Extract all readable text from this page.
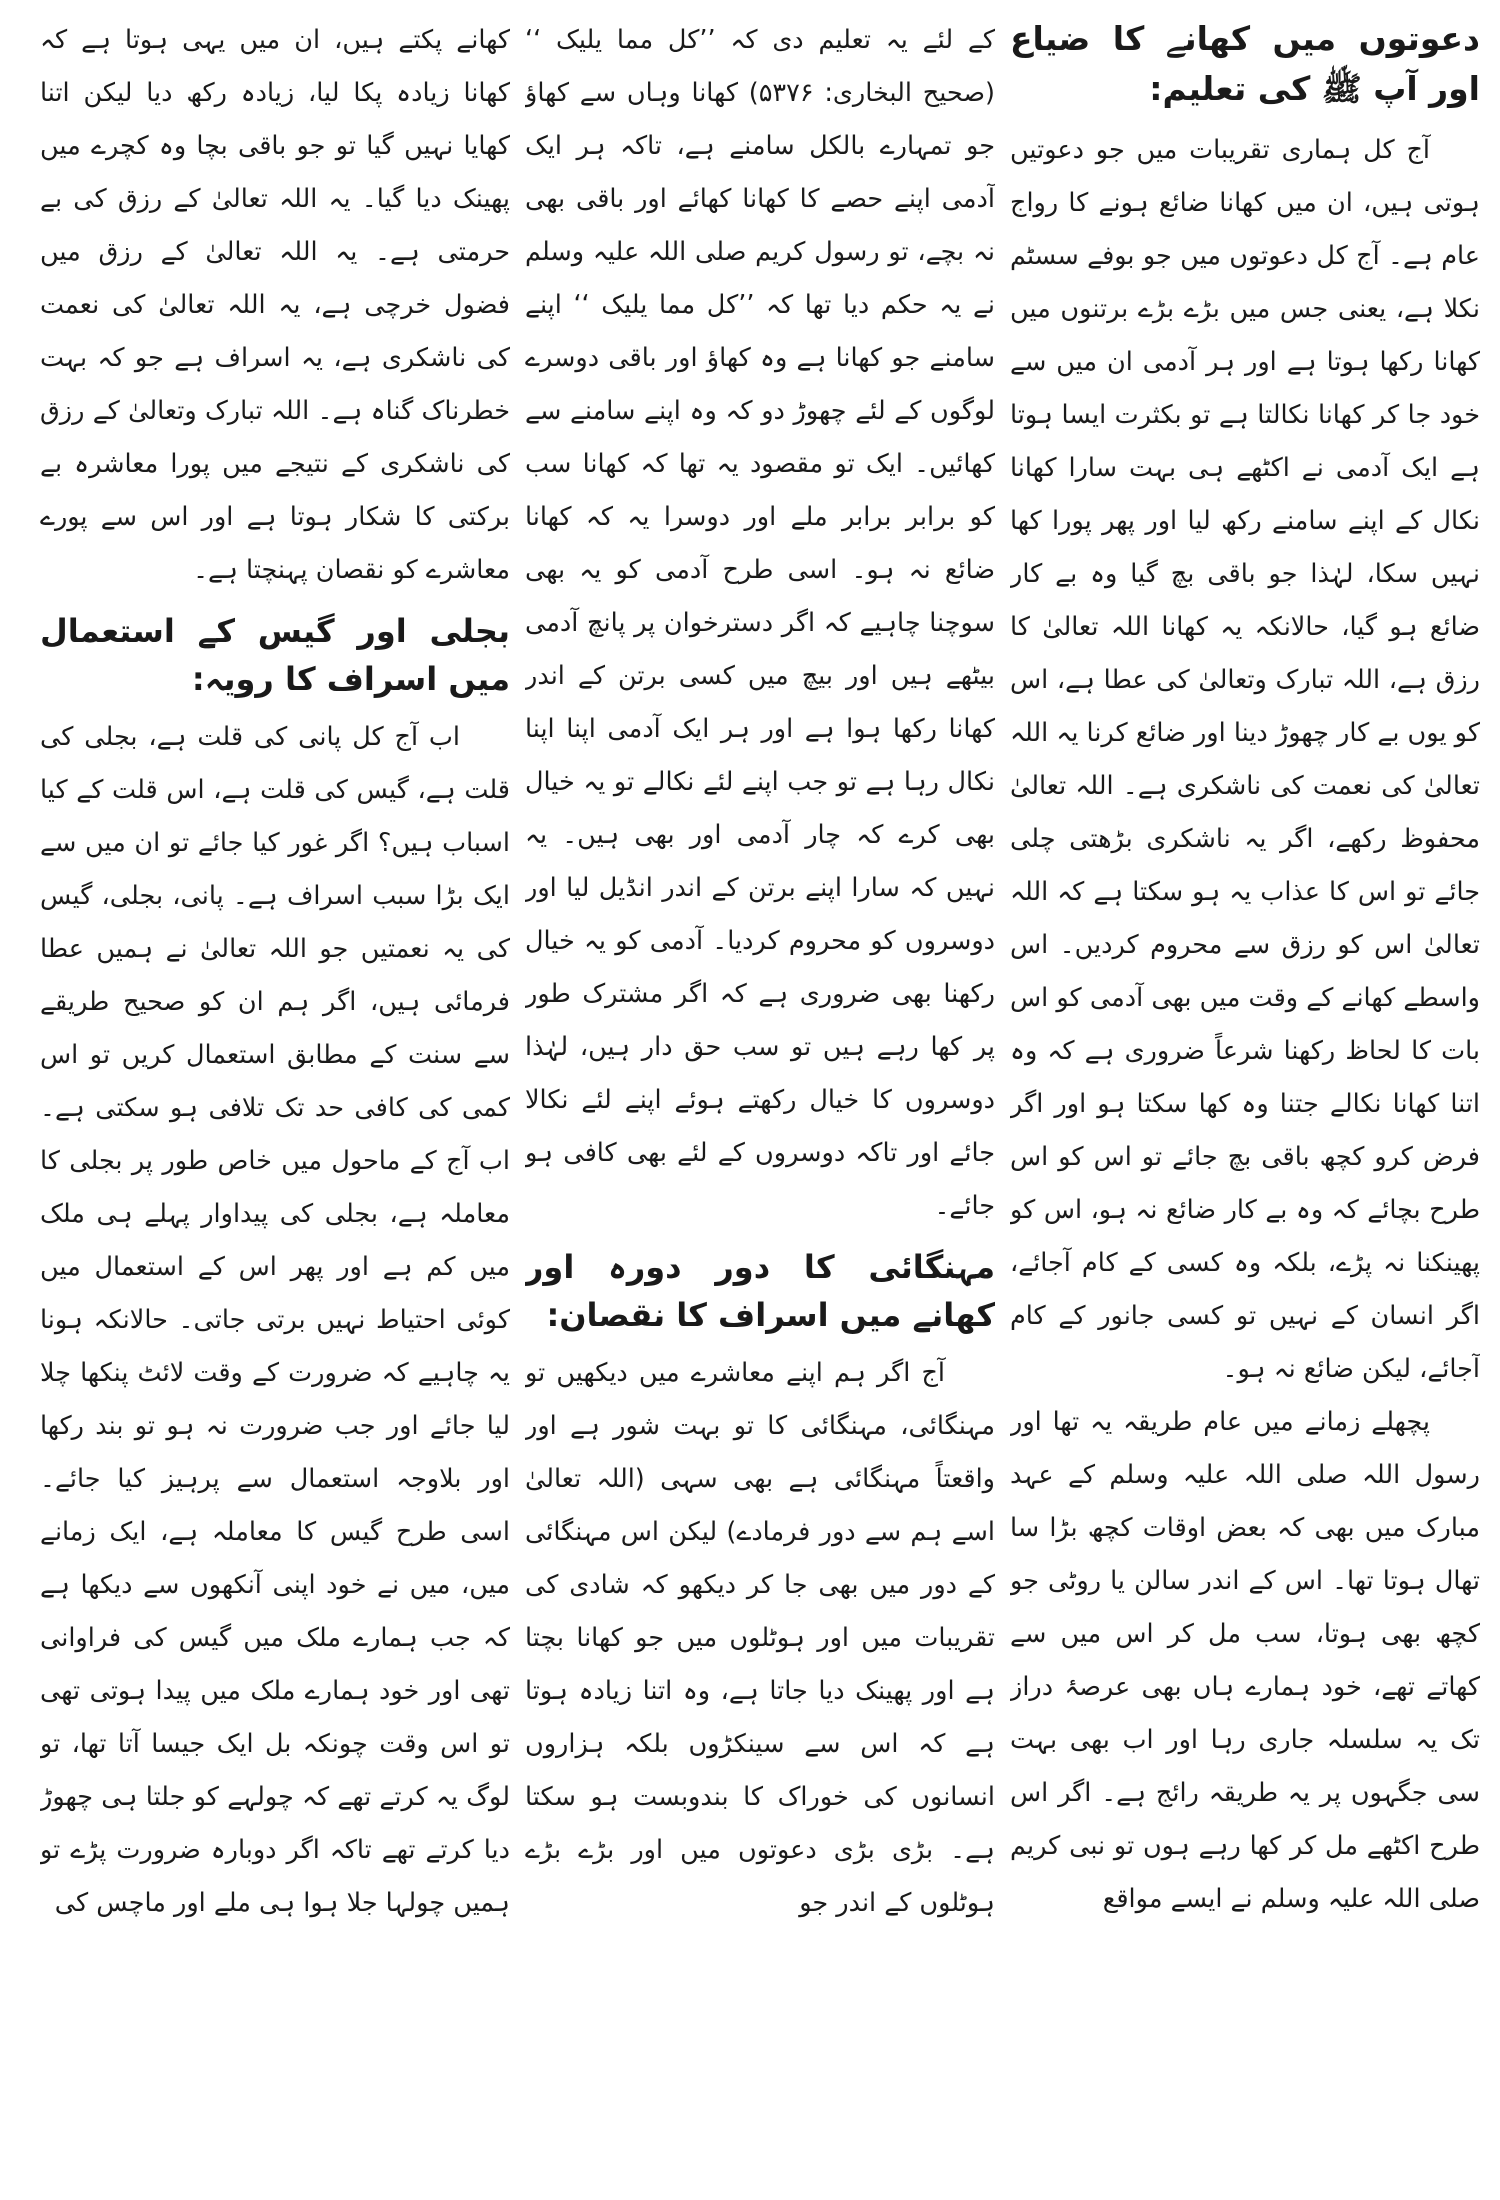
دعوتوں میں کھانے کا ضیاع اور آپ ﷺ کی تعلیم:

آج کل ہماری تقریبات میں جو دعوتیں ہوتی ہیں، ان میں کھانا ضائع ہونے کا رواج عام ہے۔ آج کل دعوتوں میں جو بوفے سسٹم نکلا ہے، یعنی جس میں بڑے بڑے برتنوں میں کھانا رکھا ہوتا ہے اور ہر آدمی ان میں سے خود جا کر کھانا نکالتا ہے تو بکثرت ایسا ہوتا ہے ایک آدمی نے اکٹھے ہی بہت سارا کھانا نکال کے اپنے سامنے رکھ لیا اور پھر پورا کھا نہیں سکا، لہٰذا جو باقی بچ گیا وہ بے کار ضائع ہو گیا، حالانکہ یہ کھانا اللہ تعالیٰ کا رزق ہے، اللہ تبارک وتعالیٰ کی عطا ہے، اس کو یوں بے کار چھوڑ دینا اور ضائع کرنا یہ اللہ تعالیٰ کی نعمت کی ناشکری ہے۔ اللہ تعالیٰ محفوظ رکھے، اگر یہ ناشکری بڑھتی چلی جائے تو اس کا عذاب یہ ہو سکتا ہے کہ اللہ تعالیٰ اس کو رزق سے محروم کردیں۔ اس واسطے کھانے کے وقت میں بھی آدمی کو اس بات کا لحاظ رکھنا شرعاً ضروری ہے کہ وہ اتنا کھانا نکالے جتنا وہ کھا سکتا ہو اور اگر فرض کرو کچھ باقی بچ جائے تو اس کو اس طرح بچائے کہ وہ بے کار ضائع نہ ہو، اس کو پھینکنا نہ پڑے، بلکہ وہ کسی کے کام آجائے، اگر انسان کے نہیں تو کسی جانور کے کام آجائے، لیکن ضائع نہ ہو۔

پچھلے زمانے میں عام طریقہ یہ تھا اور رسول اللہ صلی اللہ علیہ وسلم کے عہد مبارک میں بھی کہ بعض اوقات کچھ بڑا سا تھال ہوتا تھا۔ اس کے اندر سالن یا روٹی جو کچھ بھی ہوتا، سب مل کر اس میں سے کھاتے تھے، خود ہمارے ہاں بھی عرصۂ دراز تک یہ سلسلہ جاری رہا اور اب بھی بہت سی جگہوں پر یہ طریقہ رائج ہے۔ اگر اس طرح اکٹھے مل کر کھا رہے ہوں تو نبی کریم صلی اللہ علیہ وسلم نے ایسے مواقع

کے لئے یہ تعلیم دی کہ ’’کل مما یلیک ‘‘ (صحیح البخاری: ۵۳۷۶) کھانا وہاں سے کھاؤ جو تمہارے بالکل سامنے ہے، تاکہ ہر ایک آدمی اپنے حصے کا کھانا کھائے اور باقی بھی نہ بچے، تو رسول کریم صلی اللہ علیہ وسلم نے یہ حکم دیا تھا کہ ’’کل مما یلیک ‘‘ اپنے سامنے جو کھانا ہے وہ کھاؤ اور باقی دوسرے لوگوں کے لئے چھوڑ دو کہ وہ اپنے سامنے سے کھائیں۔ ایک تو مقصود یہ تھا کہ کھانا سب کو برابر برابر ملے اور دوسرا یہ کہ کھانا ضائع نہ ہو۔ اسی طرح آدمی کو یہ بھی سوچنا چاہیے کہ اگر دسترخوان پر پانچ آدمی بیٹھے ہیں اور بیچ میں کسی برتن کے اندر کھانا رکھا ہوا ہے اور ہر ایک آدمی اپنا اپنا نکال رہا ہے تو جب اپنے لئے نکالے تو یہ خیال بھی کرے کہ چار آدمی اور بھی ہیں۔ یہ نہیں کہ سارا اپنے برتن کے اندر انڈیل لیا اور دوسروں کو محروم کردیا۔ آدمی کو یہ خیال رکھنا بھی ضروری ہے کہ اگر مشترک طور پر کھا رہے ہیں تو سب حق دار ہیں، لہٰذا دوسروں کا خیال رکھتے ہوئے اپنے لئے نکالا جائے اور تاکہ دوسروں کے لئے بھی کافی ہو جائے۔

مہنگائی کا دور دورہ اور کھانے میں اسراف کا نقصان:

آج اگر ہم اپنے معاشرے میں دیکھیں تو مہنگائی، مہنگائی کا تو بہت شور ہے اور واقعتاً مہنگائی ہے بھی سہی (اللہ تعالیٰ اسے ہم سے دور فرمادے) لیکن اس مہنگائی کے دور میں بھی جا کر دیکھو کہ شادی کی تقریبات میں اور ہوٹلوں میں جو کھانا بچتا ہے اور پھینک دیا جاتا ہے، وہ اتنا زیادہ ہوتا ہے کہ اس سے سینکڑوں بلکہ ہزاروں انسانوں کی خوراک کا بندوبست ہو سکتا ہے۔ بڑی بڑی دعوتوں میں اور بڑے بڑے ہوٹلوں کے اندر جو

کھانے پکتے ہیں، ان میں یہی ہوتا ہے کہ کھانا زیادہ پکا لیا، زیادہ رکھ دیا لیکن اتنا کھایا نہیں گیا تو جو باقی بچا وہ کچرے میں پھینک دیا گیا۔ یہ اللہ تعالیٰ کے رزق کی بے حرمتی ہے۔ یہ اللہ تعالیٰ کے رزق میں فضول خرچی ہے، یہ اللہ تعالیٰ کی نعمت کی ناشکری ہے، یہ اسراف ہے جو کہ بہت خطرناک گناہ ہے۔ اللہ تبارک وتعالیٰ کے رزق کی ناشکری کے نتیجے میں پورا معاشرہ بے برکتی کا شکار ہوتا ہے اور اس سے پورے معاشرے کو نقصان پہنچتا ہے۔

بجلی اور گیس کے استعمال میں اسراف کا رویہ:

اب آج کل پانی کی قلت ہے، بجلی کی قلت ہے، گیس کی قلت ہے، اس قلت کے کیا اسباب ہیں؟ اگر غور کیا جائے تو ان میں سے ایک بڑا سبب اسراف ہے۔ پانی، بجلی، گیس کی یہ نعمتیں جو اللہ تعالیٰ نے ہمیں عطا فرمائی ہیں، اگر ہم ان کو صحیح طریقے سے سنت کے مطابق استعمال کریں تو اس کمی کی کافی حد تک تلافی ہو سکتی ہے۔ اب آج کے ماحول میں خاص طور پر بجلی کا معاملہ ہے، بجلی کی پیداوار پہلے ہی ملک میں کم ہے اور پھر اس کے استعمال میں کوئی احتیاط نہیں برتی جاتی۔ حالانکہ ہونا یہ چاہیے کہ ضرورت کے وقت لائٹ پنکھا چلا لیا جائے اور جب ضرورت نہ ہو تو بند رکھا اور بلاوجہ استعمال سے پرہیز کیا جائے۔ اسی طرح گیس کا معاملہ ہے، ایک زمانے میں، میں نے خود اپنی آنکھوں سے دیکھا ہے کہ جب ہمارے ملک میں گیس کی فراوانی تھی اور خود ہمارے ملک میں پیدا ہوتی تھی تو اس وقت چونکہ بل ایک جیسا آتا تھا، تو لوگ یہ کرتے تھے کہ چولہے کو جلتا ہی چھوڑ دیا کرتے تھے تاکہ اگر دوبارہ ضرورت پڑے تو ہمیں چولہا جلا ہوا ہی ملے اور ماچس کی
